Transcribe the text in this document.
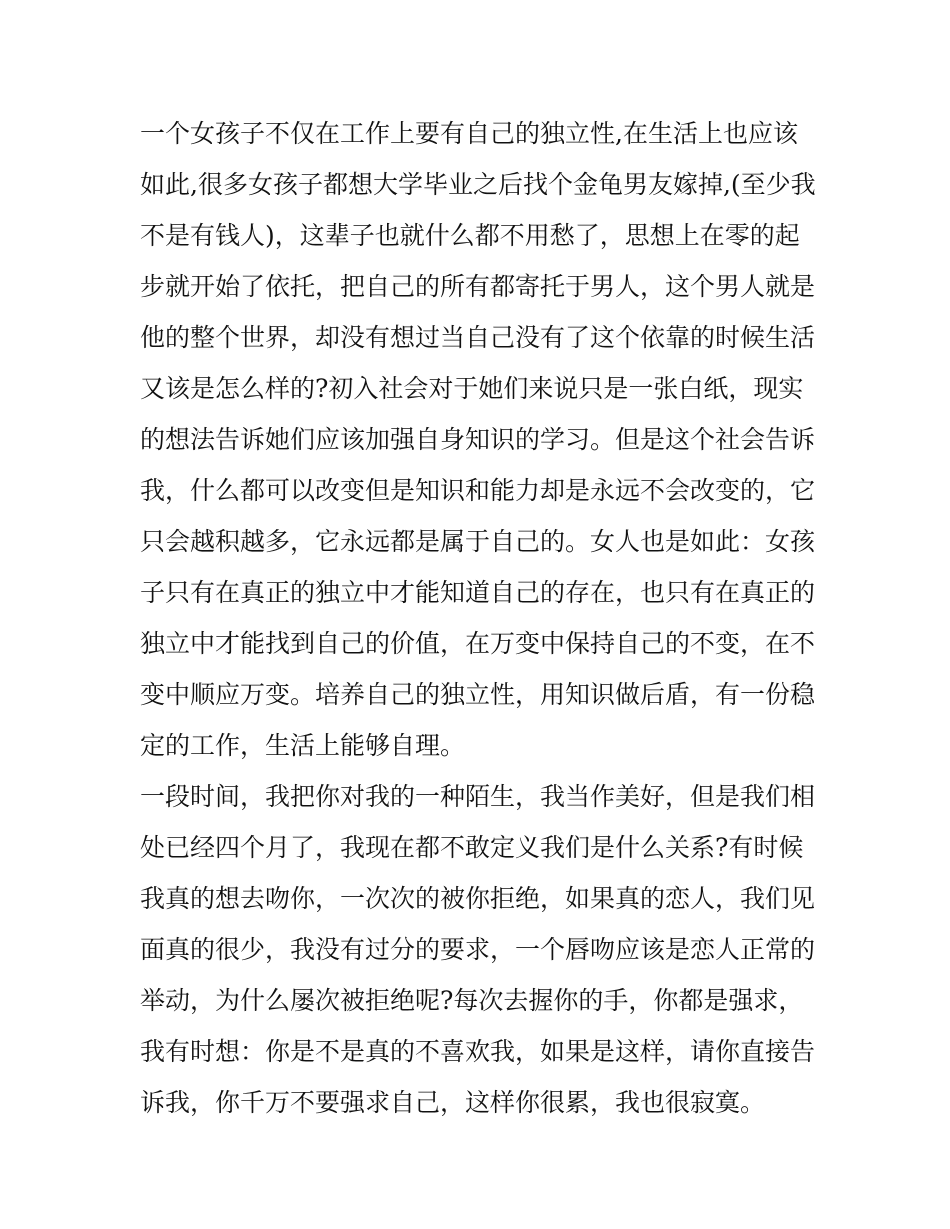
一个女孩子不仅在工作上要有自己的独立性,在生活上也应该
如此,很多女孩子都想大学毕业之后找个金龟男友嫁掉,(至少我
不是有钱人)，这辈子也就什么都不用愁了，思想上在零的起
步就开始了依托，把自己的所有都寄托于男人，这个男人就是
他的整个世界，却没有想过当自己没有了这个依靠的时候生活
又该是怎么样的?初入社会对于她们来说只是一张白纸，现实
的想法告诉她们应该加强自身知识的学习。但是这个社会告诉
我，什么都可以改变但是知识和能力却是永远不会改变的，它
只会越积越多，它永远都是属于自己的。女人也是如此：女孩
子只有在真正的独立中才能知道自己的存在，也只有在真正的
独立中才能找到自己的价值，在万变中保持自己的不变，在不
变中顺应万变。培养自己的独立性，用知识做后盾，有一份稳
定的工作，生活上能够自理。
一段时间，我把你对我的一种陌生，我当作美好，但是我们相
处已经四个月了，我现在都不敢定义我们是什么关系?有时候
我真的想去吻你，一次次的被你拒绝，如果真的恋人，我们见
面真的很少，我没有过分的要求，一个唇吻应该是恋人正常的
举动，为什么屡次被拒绝呢?每次去握你的手，你都是强求，
我有时想：你是不是真的不喜欢我，如果是这样，请你直接告
诉我，你千万不要强求自己，这样你很累，我也很寂寞。
